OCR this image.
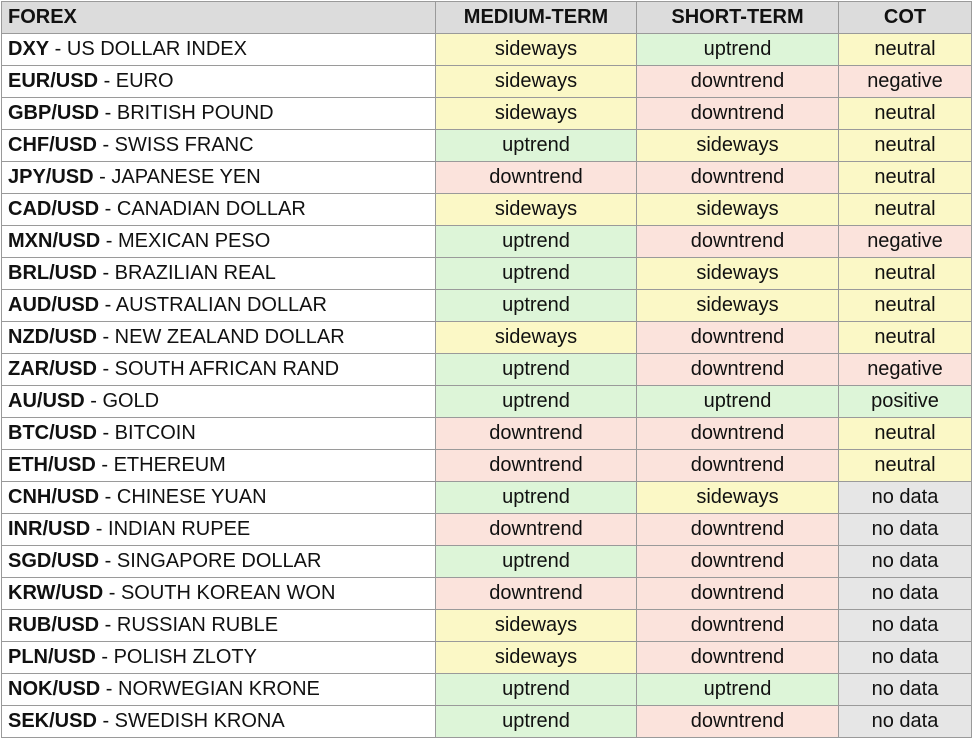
FOREX	MEDIUM-TERM	SHORT-TERM	COT
DXY - US DOLLAR INDEX	sideways	uptrend	neutral
EUR/USD - EURO	sideways	downtrend	negative
GBP/USD - BRITISH POUND	sideways	downtrend	neutral
CHF/USD - SWISS FRANC	uptrend	sideways	neutral
JPY/USD - JAPANESE YEN	downtrend	downtrend	neutral
CAD/USD - CANADIAN DOLLAR	sideways	sideways	neutral
MXN/USD - MEXICAN PESO	uptrend	downtrend	negative
BRL/USD - BRAZILIAN REAL	uptrend	sideways	neutral
AUD/USD - AUSTRALIAN DOLLAR	uptrend	sideways	neutral
NZD/USD - NEW ZEALAND DOLLAR	sideways	downtrend	neutral
ZAR/USD - SOUTH AFRICAN RAND	uptrend	downtrend	negative
AU/USD - GOLD	uptrend	uptrend	positive
BTC/USD - BITCOIN	downtrend	downtrend	neutral
ETH/USD - ETHEREUM	downtrend	downtrend	neutral
CNH/USD - CHINESE YUAN	uptrend	sideways	no data
INR/USD - INDIAN RUPEE	downtrend	downtrend	no data
SGD/USD - SINGAPORE DOLLAR	uptrend	downtrend	no data
KRW/USD - SOUTH KOREAN WON	downtrend	downtrend	no data
RUB/USD - RUSSIAN RUBLE	sideways	downtrend	no data
PLN/USD - POLISH ZLOTY	sideways	downtrend	no data
NOK/USD - NORWEGIAN KRONE	uptrend	uptrend	no data
SEK/USD - SWEDISH KRONA	uptrend	downtrend	no data
